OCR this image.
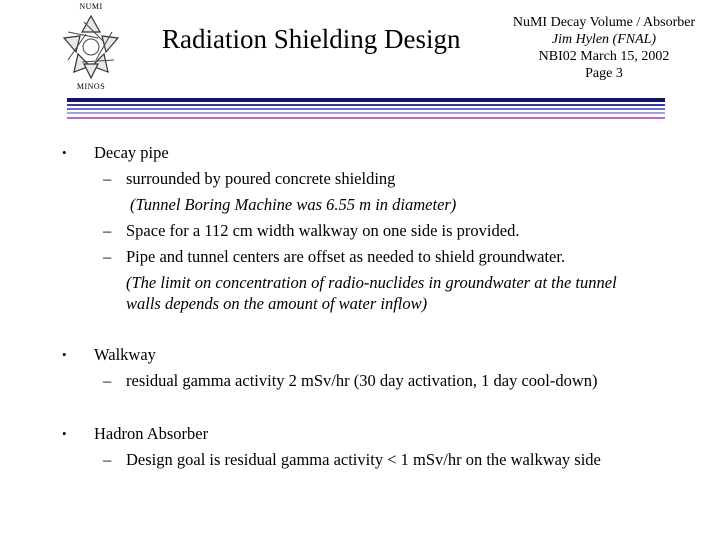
NUMI
MINOS
Radiation Shielding Design
NuMI Decay Volume / Absorber
Jim Hylen (FNAL)
NBI02 March 15, 2002
Page 3
• Decay pipe
– surrounded by poured concrete shielding
(Tunnel Boring Machine was 6.55 m in diameter)
– Space for a 112 cm width walkway on one side is provided.
– Pipe and tunnel centers are offset as needed to shield groundwater.
(The limit on concentration of radio-nuclides in groundwater at the tunnel
walls depends on the amount of water inflow)
• Walkway
– residual gamma activity 2 mSv/hr (30 day activation, 1 day cool-down)
• Hadron Absorber
– Design goal is residual gamma activity < 1 mSv/hr on the walkway side
